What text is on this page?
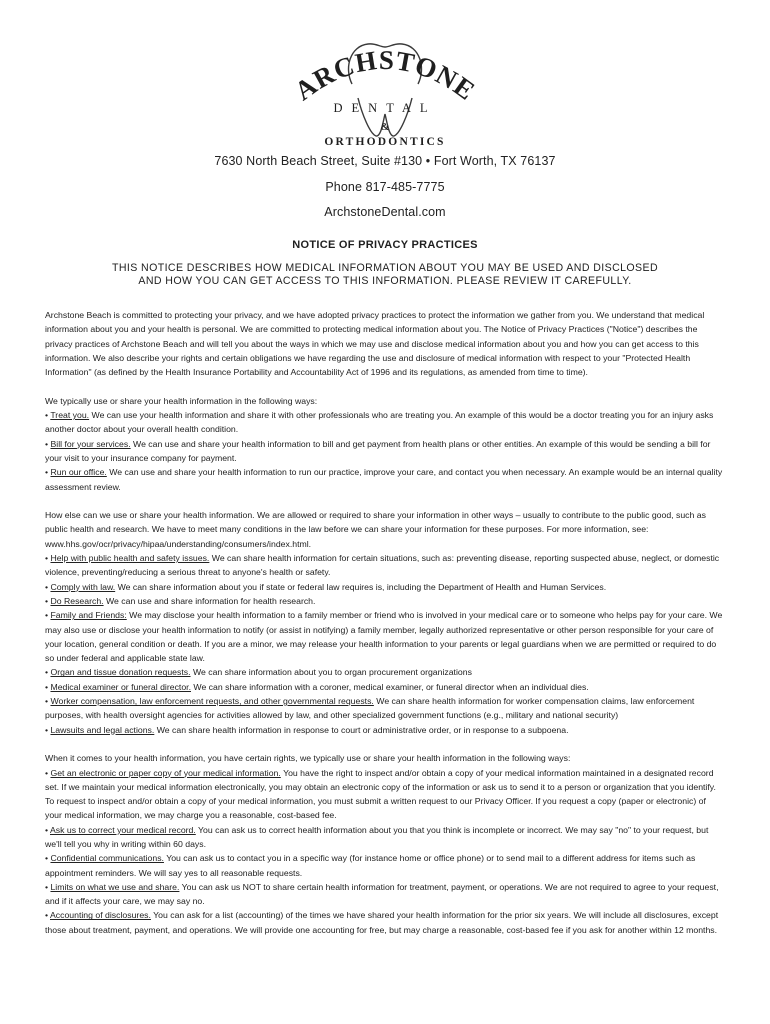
ARCHSTONE
DENTAL
&
ORTHODONTICS
7630 North Beach Street, Suite #130 • Fort Worth, TX 76137
Phone 817-485-7775
ArchstoneDental.com
NOTICE OF PRIVACY PRACTICES
THIS NOTICE DESCRIBES HOW MEDICAL INFORMATION ABOUT YOU MAY BE USED AND DISCLOSED
AND HOW YOU CAN GET ACCESS TO THIS INFORMATION. PLEASE REVIEW IT CAREFULLY.

Archstone Beach is committed to protecting your privacy, and we have adopted privacy practices to protect the information we gather from you. We understand that medical information about you and your health is personal. We are committed to protecting medical information about you. The Notice of Privacy Practices ("Notice") describes the privacy practices of Archstone Beach and will tell you about the ways in which we may use and disclose medical information about you and how you can get access to this information. We also describe your rights and certain obligations we have regarding the use and disclosure of medical information with respect to your "Protected Health Information" (as defined by the Health Insurance Portability and Accountability Act of 1996 and its regulations, as amended from time to time).

We typically use or share your health information in the following ways:
• Treat you. We can use your health information and share it with other professionals who are treating you. An example of this would be a doctor treating you for an injury asks another doctor about your overall health condition.
• Bill for your services. We can use and share your health information to bill and get payment from health plans or other entities. An example of this would be sending a bill for your visit to your insurance company for payment.
• Run our office. We can use and share your health information to run our practice, improve your care, and contact you when necessary. An example would be an internal quality assessment review.
How else can we use or share your health information. We are allowed or required to share your information in other ways – usually to contribute to the public good, such as public health and research. We have to meet many conditions in the law before we can share your information for these purposes. For more information, see: www.hhs.gov/ocr/privacy/hipaa/understanding/consumers/index.html.
• Help with public health and safety issues. We can share health information for certain situations, such as: preventing disease, reporting suspected abuse, neglect, or domestic violence, preventing/reducing a serious threat to anyone's health or safety.
• Comply with law. We can share information about you if state or federal law requires is, including the Department of Health and Human Services.
• Do Research. We can use and share information for health research.
• Family and Friends: We may disclose your health information to a family member or friend who is involved in your medical care or to someone who helps pay for your care. We may also use or disclose your health information to notify (or assist in notifying) a family member, legally authorized representative or other person responsible for your care of your location, general condition or death. If you are a minor, we may release your health information to your parents or legal guardians when we are permitted or required to do so under federal and applicable state law.
• Organ and tissue donation requests. We can share information about you to organ procurement organizations
• Medical examiner or funeral director. We can share information with a coroner, medical examiner, or funeral director when an individual dies.
• Worker compensation, law enforcement requests, and other governmental requests. We can share health information for worker compensation claims, law enforcement purposes, with health oversight agencies for activities allowed by law, and other specialized government functions (e.g., military and national security)
• Lawsuits and legal actions. We can share health information in response to court or administrative order, or in response to a subpoena.
When it comes to your health information, you have certain rights, we typically use or share your health information in the following ways:
• Get an electronic or paper copy of your medical information. You have the right to inspect and/or obtain a copy of your medical information maintained in a designated record set. If we maintain your medical information electronically, you may obtain an electronic copy of the information or ask us to send it to a person or organization that you identify. To request to inspect and/or obtain a copy of your medical information, you must submit a written request to our Privacy Officer. If you request a copy (paper or electronic) of your medical information, we may charge you a reasonable, cost-based fee.
• Ask us to correct your medical record. You can ask us to correct health information about you that you think is incomplete or incorrect. We may say "no" to your request, but we'll tell you why in writing within 60 days.
• Confidential communications. You can ask us to contact you in a specific way (for instance home or office phone) or to send mail to a different address for items such as appointment reminders. We will say yes to all reasonable requests.
• Limits on what we use and share. You can ask us NOT to share certain health information for treatment, payment, or operations. We are not required to agree to your request, and if it affects your care, we may say no.
• Accounting of disclosures. You can ask for a list (accounting) of the times we have shared your health information for the prior six years. We will include all disclosures, except those about treatment, payment, and operations. We will provide one accounting for free, but may charge a reasonable, cost-based fee if you ask for another within 12 months.
